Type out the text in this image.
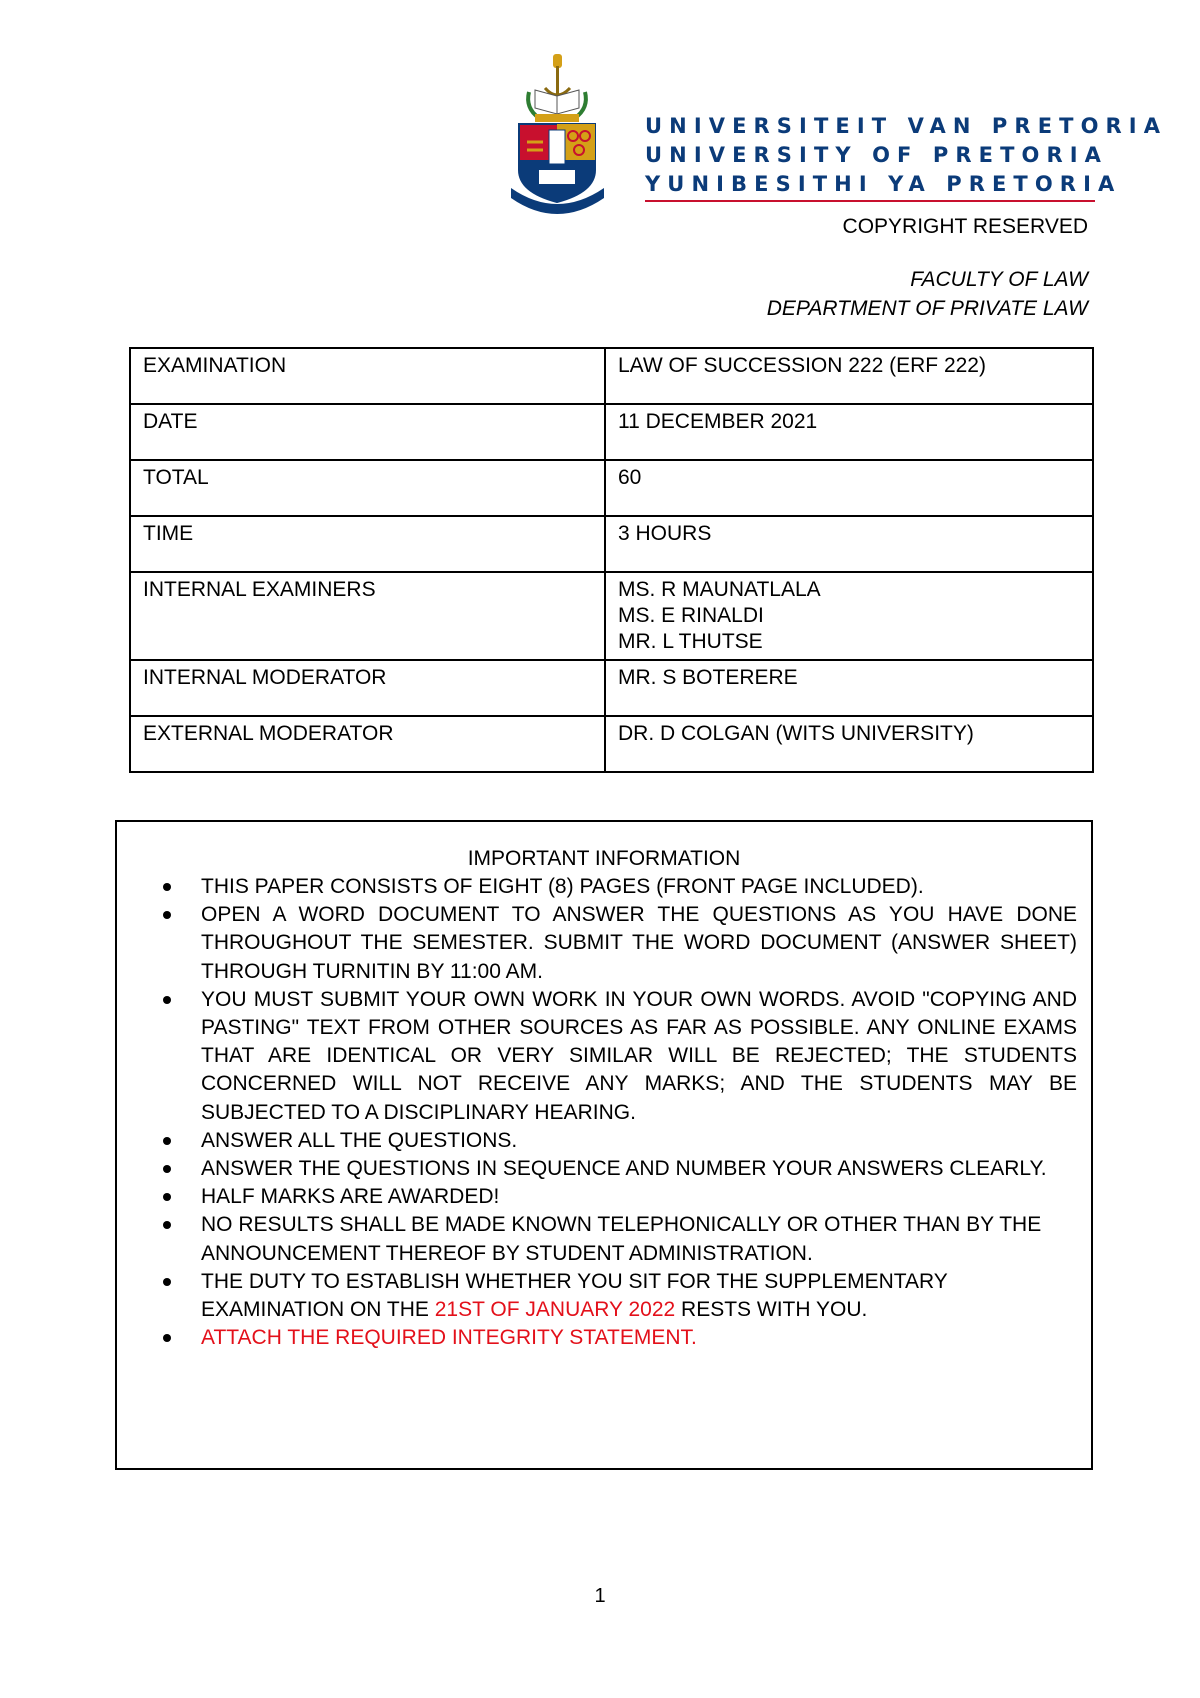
UNIVERSITEIT VAN PRETORIA
UNIVERSITY OF PRETORIA
YUNIBESITHI YA PRETORIA
COPYRIGHT RESERVED
FACULTY OF LAW
DEPARTMENT OF PRIVATE LAW
EXAMINATION	LAW OF SUCCESSION 222 (ERF 222)
DATE	11 DECEMBER 2021
TOTAL	60
TIME	3 HOURS
INTERNAL EXAMINERS	MS. R MAUNATLALA
MS. E RINALDI
MR. L THUTSE

INTERNAL MODERATOR	MR. S BOTERERE
EXTERNAL MODERATOR	DR. D COLGAN (WITS UNIVERSITY)
IMPORTANT INFORMATION
THIS PAPER CONSISTS OF EIGHT (8) PAGES (FRONT PAGE INCLUDED).
OPEN A WORD DOCUMENT TO ANSWER THE QUESTIONS AS YOU HAVE DONE THROUGHOUT THE SEMESTER. SUBMIT THE WORD DOCUMENT (ANSWER SHEET) THROUGH TURNITIN BY 11:00 AM.
YOU MUST SUBMIT YOUR OWN WORK IN YOUR OWN WORDS. AVOID "COPYING AND PASTING" TEXT FROM OTHER SOURCES AS FAR AS POSSIBLE. ANY ONLINE EXAMS THAT ARE IDENTICAL OR VERY SIMILAR WILL BE REJECTED; THE STUDENTS CONCERNED WILL NOT RECEIVE ANY MARKS; AND THE STUDENTS MAY BE SUBJECTED TO A DISCIPLINARY HEARING.
ANSWER ALL THE QUESTIONS.
ANSWER THE QUESTIONS IN SEQUENCE AND NUMBER YOUR ANSWERS CLEARLY.
HALF MARKS ARE AWARDED!
NO RESULTS SHALL BE MADE KNOWN TELEPHONICALLY OR OTHER THAN BY THE ANNOUNCEMENT THEREOF BY STUDENT ADMINISTRATION.
THE DUTY TO ESTABLISH WHETHER YOU SIT FOR THE SUPPLEMENTARY EXAMINATION ON THE 21ST OF JANUARY 2022 RESTS WITH YOU.
ATTACH THE REQUIRED INTEGRITY STATEMENT.
1
